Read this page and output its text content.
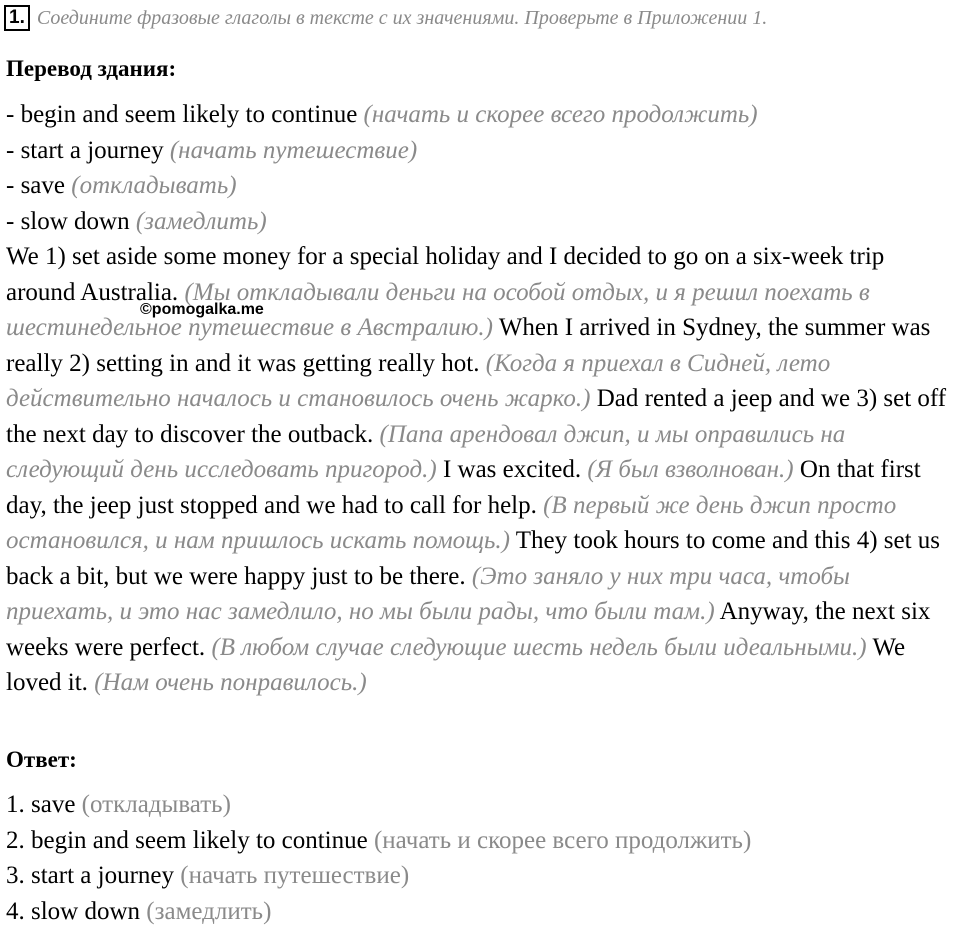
1. Соедините фразовые глаголы в тексте с их значениями. Проверьте в Приложении 1.
Перевод здания:
- begin and seem likely to continue (начать и скорее всего продолжить)
- start a journey (начать путешествие)
- save (откладывать)
- slow down (замедлить)

We 1) set aside some money for a special holiday and I decided to go on a six-week trip around Australia. (Мы откладывали деньги на особой отдых, и я решил поехать в шестинедельное путешествие в Австралию.) When I arrived in Sydney, the summer was really 2) setting in and it was getting really hot. (Когда я приехал в Сидней, лето действительно началось и становилось очень жарко.) Dad rented a jeep and we 3) set off the next day to discover the outback. (Папа арендовал джип, и мы оправились на следующий день исследовать пригород.) I was excited. (Я был взволнован.) On that first day, the jeep just stopped and we had to call for help. (В первый же день джип просто остановился, и нам пришлось искать помощь.) They took hours to come and this 4) set us back a bit, but we were happy just to be there. (Это заняло у них три часа, чтобы приехать, и это нас замедлило, но мы были рады, что были там.) Anyway, the next six weeks were perfect. (В любом случае следующие шесть недель были идеальными.) We loved it. (Нам очень понравилось.)

©pomogalka.me
Ответ:
1. save (откладывать)
2. begin and seem likely to continue (начать и скорее всего продолжить)
3. start a journey (начать путешествие)
4. slow down (замедлить)
